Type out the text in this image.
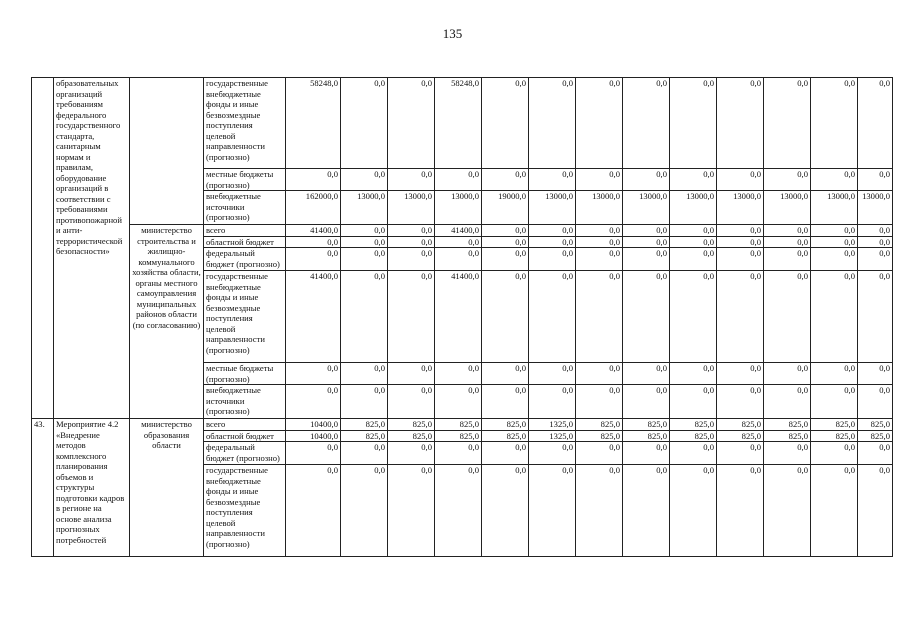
135
	образовательных организаций требованиям федерального государственного стандарта, санитарным нормам и правилам, оборудование организаций в соответствии с требованиями противопожарной и анти-террористической безопасности»		государственные внебюджетные фонды и иные безвозмездные поступления целевой направленности (прогнозно)	58248,0	0,0	0,0	58248,0	0,0	0,0	0,0	0,0	0,0	0,0	0,0	0,0	0,0
			местные бюджеты (прогнозно)	0,0	0,0	0,0	0,0	0,0	0,0	0,0	0,0	0,0	0,0	0,0	0,0	0,0
			внебюджетные источники (прогнозно)	162000,0	13000,0	13000,0	13000,0	19000,0	13000,0	13000,0	13000,0	13000,0	13000,0	13000,0	13000,0	13000,0
		министерство строительства и жилищно-коммунального хозяйства области, органы местного самоуправления муниципальных районов области (по согласованию)	всего	41400,0	0,0	0,0	41400,0	0,0	0,0	0,0	0,0	0,0	0,0	0,0	0,0	0,0
			областной бюджет	0,0	0,0	0,0	0,0	0,0	0,0	0,0	0,0	0,0	0,0	0,0	0,0	0,0
			федеральный бюджет (прогнозно)	0,0	0,0	0,0	0,0	0,0	0,0	0,0	0,0	0,0	0,0	0,0	0,0	0,0
			государственные внебюджетные фонды и иные безвозмездные поступления целевой направленности (прогнозно)	41400,0	0,0	0,0	41400,0	0,0	0,0	0,0	0,0	0,0	0,0	0,0	0,0	0,0
			местные бюджеты (прогнозно)	0,0	0,0	0,0	0,0	0,0	0,0	0,0	0,0	0,0	0,0	0,0	0,0	0,0
			внебюджетные источники (прогнозно)	0,0	0,0	0,0	0,0	0,0	0,0	0,0	0,0	0,0	0,0	0,0	0,0	0,0
43.	Мероприятие 4.2 «Внедрение методов комплексного планирования объемов и структуры подготовки кадров в регионе на основе анализа прогнозных потребностей	министерство образования области	всего	10400,0	825,0	825,0	825,0	825,0	1325,0	825,0	825,0	825,0	825,0	825,0	825,0	825,0
			областной бюджет	10400,0	825,0	825,0	825,0	825,0	1325,0	825,0	825,0	825,0	825,0	825,0	825,0	825,0
			федеральный бюджет (прогнозно)	0,0	0,0	0,0	0,0	0,0	0,0	0,0	0,0	0,0	0,0	0,0	0,0	0,0
			государственные внебюджетные фонды и иные безвозмездные поступления целевой направленности (прогнозно)	0,0	0,0	0,0	0,0	0,0	0,0	0,0	0,0	0,0	0,0	0,0	0,0	0,0
